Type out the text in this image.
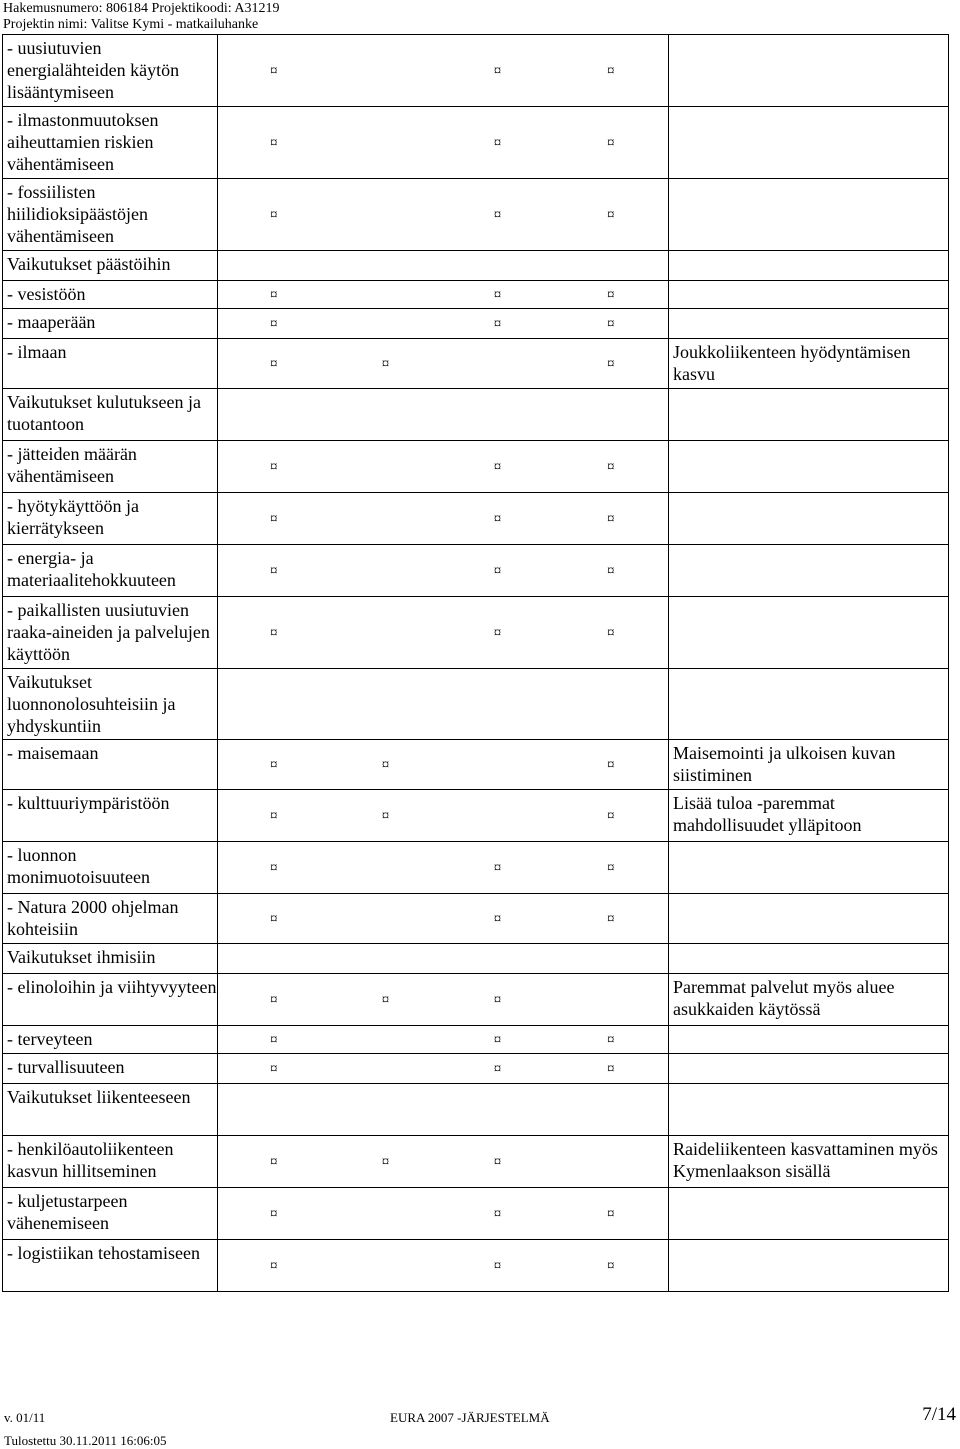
Hakemusnumero: 806184 Projektikoodi: A31219
Projektin nimi: Valitse Kymi - matkailuhanke
- uusiutuvien energialähteiden käytön lisääntymiseen	¤		¤	¤	
- ilmastonmuutoksen aiheuttamien riskien vähentämiseen	¤		¤	¤	
- fossiilisten hiilidioksipäästöjen vähentämiseen	¤		¤	¤	
Vaikutukset päästöihin					
- vesistöön	¤		¤	¤	
- maaperään	¤		¤	¤	
- ilmaan	¤	¤		¤	Joukkoliikenteen hyödyntämisen kasvu
Vaikutukset kulutukseen ja tuotantoon					
- jätteiden määrän vähentämiseen	¤		¤	¤	
- hyötykäyttöön ja kierrätykseen	¤		¤	¤	
- energia- ja materiaalitehokkuuteen	¤		¤	¤	
- paikallisten uusiutuvien raaka-aineiden ja palvelujen käyttöön	¤		¤	¤	
Vaikutukset luonnonolosuhteisiin ja yhdyskuntiin					
- maisemaan	¤	¤		¤	Maisemointi ja ulkoisen kuvan siistiminen
- kulttuuriympäristöön	¤	¤		¤	Lisää tuloa -paremmat mahdollisuudet ylläpitoon
- luonnon monimuotoisuuteen	¤		¤	¤	
- Natura 2000 ohjelman kohteisiin	¤		¤	¤	
Vaikutukset ihmisiin					
- elinoloihin ja viihtyvyyteen	¤	¤	¤		Paremmat palvelut myös aluee asukkaiden käytössä
- terveyteen	¤		¤	¤	
- turvallisuuteen	¤		¤	¤	
Vaikutukset liikenteeseen					
- henkilöautoliikenteen kasvun hillitseminen	¤	¤	¤		Raideliikenteen kasvattaminen myös Kymenlaakson sisällä
- kuljetustarpeen vähenemiseen	¤		¤	¤	
- logistiikan tehostamiseen	¤		¤	¤	
v. 01/11
Tulostettu 30.11.2011 16:06:05
EURA 2007 -JÄRJESTELMÄ	7/14
